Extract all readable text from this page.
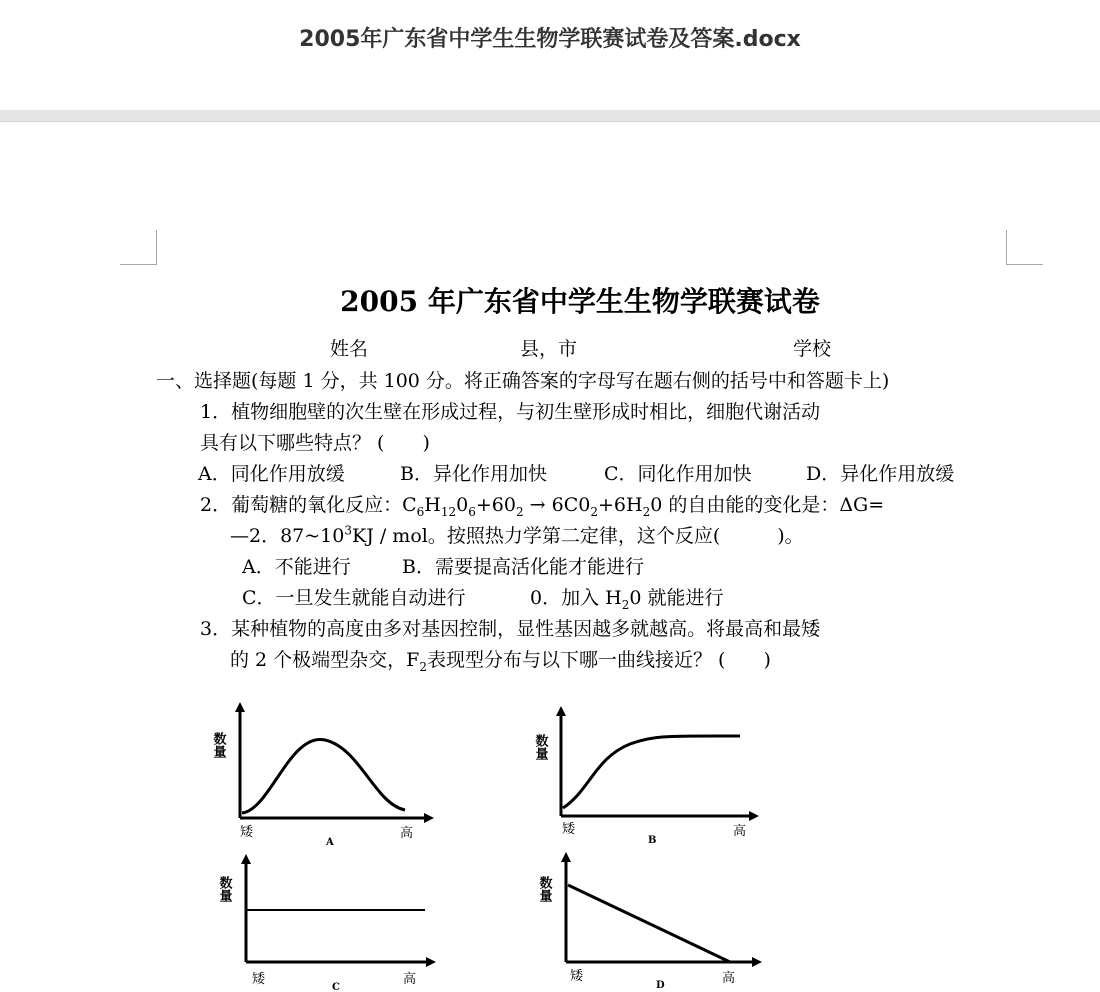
2005年广东省中学生生物学联赛试卷及答案.docx
2005 年广东省中学生生物学联赛试卷
姓名	县，市	学校
一、选择题(每题 1 分，共 100 分。将正确答案的字母写在题右侧的括号中和答题卡上)
1．植物细胞壁的次生壁在形成过程，与初生壁形成时相比，细胞代谢活动
具有以下哪些特点？ (　　)
A．同化作用放缓	B．异化作用加快	C．同化作用加快	D．异化作用放缓
2．葡萄糖的氧化反应：$C_6H_{12}0_6+60_2 \to 6C0_2+6H_20$ 的自由能的变化是：ΔG=
—2．$87\sim 10^3KJ$ / mol。按照热力学第二定律，这个反应(　　　)。
A．不能进行	B．需要提高活化能才能进行
C．一旦发生就能自动进行	0．加入 $H_20$ 就能进行
3．某种植物的高度由多对基因控制，显性基因越多就越高。将最高和最矮
的 2 个极端型杂交，$F_2$表现型分布与以下哪一曲线接近？ (　　)
数量
矮	高
A
数量
矮	高
B
数量
矮	高
C
数量
矮	高
D
